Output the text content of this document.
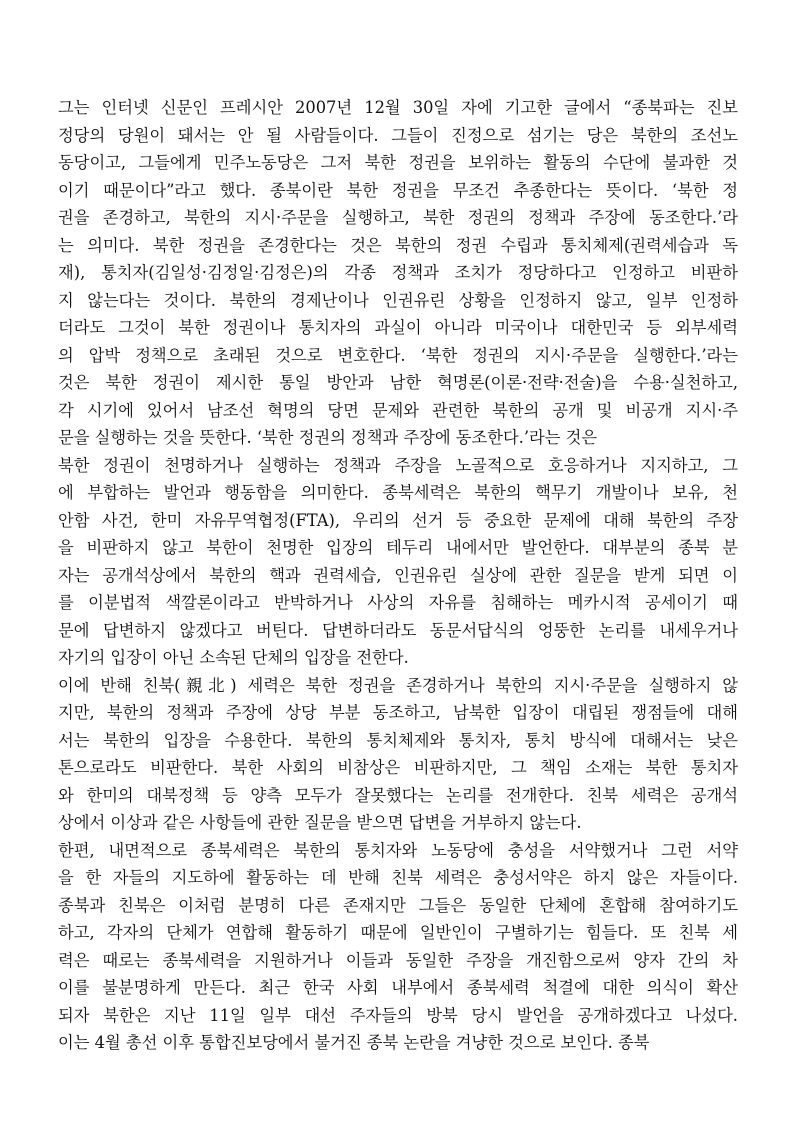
그는 인터넷 신문인 프레시안 2007년 12월 30일 자에 기고한 글에서 “종북파는 진보
정당의 당원이 돼서는 안 될 사람들이다. 그들이 진정으로 섬기는 당은 북한의 조선노
동당이고, 그들에게 민주노동당은 그저 북한 정권을 보위하는 활동의 수단에 불과한 것
이기 때문이다”라고 했다. 종북이란 북한 정권을 무조건 추종한다는 뜻이다. ‘북한 정
권을 존경하고, 북한의 지시·주문을 실행하고, 북한 정권의 정책과 주장에 동조한다.’라
는 의미다. 북한 정권을 존경한다는 것은 북한의 정권 수립과 통치체제(권력세습과 독
재), 통치자(김일성·김정일·김정은)의 각종 정책과 조치가 정당하다고 인정하고 비판하
지 않는다는 것이다. 북한의 경제난이나 인권유린 상황을 인정하지 않고, 일부 인정하
더라도 그것이 북한 정권이나 통치자의 과실이 아니라 미국이나 대한민국 등 외부세력
의 압박 정책으로 초래된 것으로 변호한다. ‘북한 정권의 지시·주문을 실행한다.’라는
것은 북한 정권이 제시한 통일 방안과 남한 혁명론(이론·전략·전술)을 수용·실천하고,
각 시기에 있어서 남조선 혁명의 당면 문제와 관련한 북한의 공개 및 비공개 지시·주
문을 실행하는 것을 뜻한다. ‘북한 정권의 정책과 주장에 동조한다.’라는 것은
북한 정권이 천명하거나 실행하는 정책과 주장을 노골적으로 호응하거나 지지하고, 그
에 부합하는 발언과 행동함을 의미한다. 종북세력은 북한의 핵무기 개발이나 보유, 천
안함 사건, 한미 자유무역협정(FTA), 우리의 선거 등 중요한 문제에 대해 북한의 주장
을 비판하지 않고 북한이 천명한 입장의 테두리 내에서만 발언한다. 대부분의 종북 분
자는 공개석상에서 북한의 핵과 권력세습, 인권유린 실상에 관한 질문을 받게 되면 이
를 이분법적 색깔론이라고 반박하거나 사상의 자유를 침해하는 메카시적 공세이기 때
문에 답변하지 않겠다고 버틴다. 답변하더라도 동문서답식의 엉뚱한 논리를 내세우거나
자기의 입장이 아닌 소속된 단체의 입장을 전한다.
이에 반해 친북(親北) 세력은 북한 정권을 존경하거나 북한의 지시·주문을 실행하지 않
지만, 북한의 정책과 주장에 상당 부분 동조하고, 남북한 입장이 대립된 쟁점들에 대해
서는 북한의 입장을 수용한다. 북한의 통치체제와 통치자, 통치 방식에 대해서는 낮은
톤으로라도 비판한다. 북한 사회의 비참상은 비판하지만, 그 책임 소재는 북한 통치자
와 한미의 대북정책 등 양측 모두가 잘못했다는 논리를 전개한다. 친북 세력은 공개석
상에서 이상과 같은 사항들에 관한 질문을 받으면 답변을 거부하지 않는다.
한편, 내면적으로 종북세력은 북한의 통치자와 노동당에 충성을 서약했거나 그런 서약
을 한 자들의 지도하에 활동하는 데 반해 친북 세력은 충성서약은 하지 않은 자들이다.
종북과 친북은 이처럼 분명히 다른 존재지만 그들은 동일한 단체에 혼합해 참여하기도
하고, 각자의 단체가 연합해 활동하기 때문에 일반인이 구별하기는 힘들다. 또 친북 세
력은 때로는 종북세력을 지원하거나 이들과 동일한 주장을 개진함으로써 양자 간의 차
이를 불분명하게 만든다. 최근 한국 사회 내부에서 종북세력 척결에 대한 의식이 확산
되자 북한은 지난 11일 일부 대선 주자들의 방북 당시 발언을 공개하겠다고 나섰다.
이는 4월 총선 이후 통합진보당에서 불거진 종북 논란을 겨냥한 것으로 보인다. 종북
